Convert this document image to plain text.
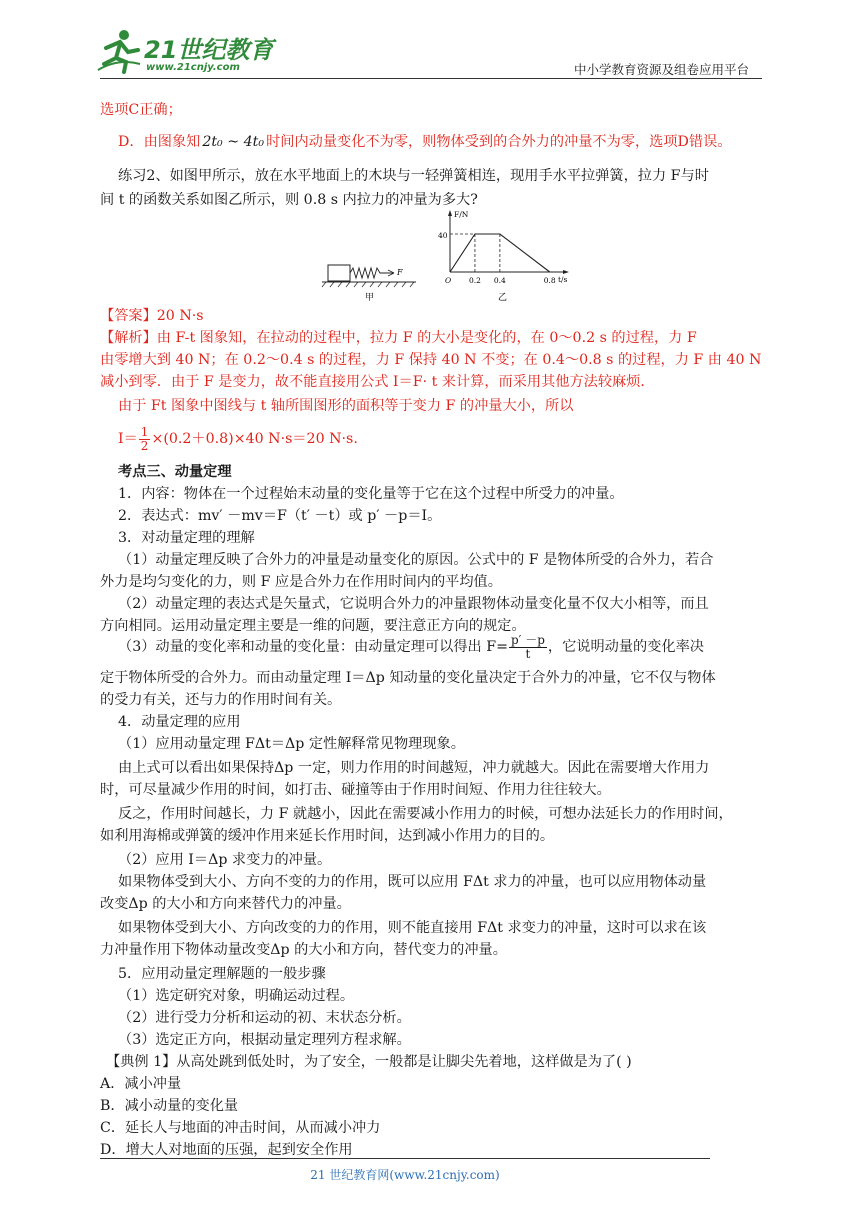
21世纪教育
www.21cnjy.com	中小学教育资源及组卷应用平台
选项C正确；
D．由图象知 2t₀ ~ 4t₀ 时间内动量变化不为零，则物体受到的合外力的冲量不为零，选项D错误。
练习2、如图甲所示，放在水平地面上的木块与一轻弹簧相连，现用手水平拉弹簧，拉力 F与时
间 t 的函数关系如图乙所示，则 0.8 s 内拉力的冲量为多大?
F
甲
F/N
t/s
O
40
0.2 0.4	0.8
乙
【答案】20 N·s
【解析】由 F-t 图象知，在拉动的过程中，拉力 F 的大小是变化的，在 0～0.2 s 的过程，力 F
由零增大到 40 N；在 0.2～0.4 s 的过程，力 F 保持 40 N 不变；在 0.4～0.8 s 的过程，力 F 由 40 N
减小到零．由于 F 是变力，故不能直接用公式 I＝F· t 来计算，而采用其他方法较麻烦．
由于 Ft 图象中图线与 t 轴所围图形的面积等于变力 F 的冲量大小，所以
$I= \frac{1}{2} \times(0.2+0.8)\times 40$ N·s＝20 N·s.
考点三、动量定理
1．内容：物体在一个过程始末动量的变化量等于它在这个过程中所受力的冲量。
2．表达式：mv′ －mv＝F（t′ －t）或 p′ －p＝I。
3．对动量定理的理解
（1）动量定理反映了合外力的冲量是动量变化的原因。公式中的 F 是物体所受的合外力，若合
外力是均匀变化的力，则 F 应是合外力在作用时间内的平均值。
（2）动量定理的表达式是矢量式，它说明合外力的冲量跟物体动量变化量不仅大小相等，而且
方向相同。运用动量定理主要是一维的问题，要注意正方向的规定。
（3）动量的变化率和动量的变化量：由动量定理可以得出 $F= \frac{p' -p}{t}$ ，它说明动量的变化率决
定于物体所受的合外力。而由动量定理 I＝Δp 知动量的变化量决定于合外力的冲量，它不仅与物体
的受力有关，还与力的作用时间有关。
4．动量定理的应用
（1）应用动量定理 FΔt＝Δp 定性解释常见物理现象。
由上式可以看出如果保持Δp 一定，则力作用的时间越短，冲力就越大。因此在需要增大作用力
时，可尽量减少作用的时间，如打击、碰撞等由于作用时间短、作用力往往较大。
反之，作用时间越长，力 F 就越小，因此在需要减小作用力的时候，可想办法延长力的作用时间，
如利用海棉或弹簧的缓冲作用来延长作用时间，达到减小作用力的目的。
（2）应用 I＝Δp 求变力的冲量。
如果物体受到大小、方向不变的力的作用，既可以应用 FΔt 求力的冲量，也可以应用物体动量
改变Δp 的大小和方向来替代力的冲量。
如果物体受到大小、方向改变的力的作用，则不能直接用 FΔt 求变力的冲量，这时可以求在该
力冲量作用下物体动量改变Δp 的大小和方向，替代变力的冲量。
5．应用动量定理解题的一般步骤
（1）选定研究对象，明确运动过程。
（2）进行受力分析和运动的初、末状态分析。
（3）选定正方向，根据动量定理列方程求解。
【典例 1】从高处跳到低处时，为了安全，一般都是让脚尖先着地，这样做是为了( )
A．减小冲量
B．减小动量的变化量
C．延长人与地面的冲击时间，从而减小冲力
D．增大人对地面的压强，起到安全作用
21 世纪教育网(www.21cnjy.com)
